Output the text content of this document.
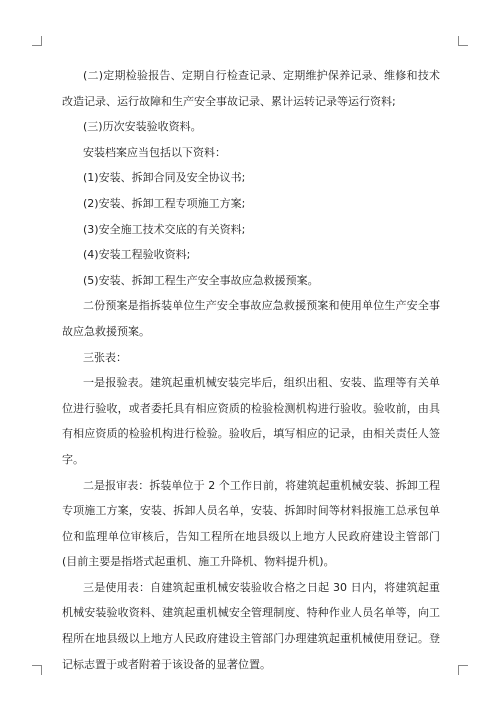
(二)定期检验报告、定期自行检查记录、定期维护保养记录、维修和技术改造记录、运行故障和生产安全事故记录、累计运转记录等运行资料;

(三)历次安装验收资料。

安装档案应当包括以下资料：

(1)安装、拆卸合同及安全协议书;

(2)安装、拆卸工程专项施工方案;

(3)安全施工技术交底的有关资料;

(4)安装工程验收资料;

(5)安装、拆卸工程生产安全事故应急救援预案。

二份预案是指拆装单位生产安全事故应急救援预案和使用单位生产安全事故应急救援预案。

三张表：

一是报验表。建筑起重机械安装完毕后，组织出租、安装、监理等有关单位进行验收，或者委托具有相应资质的检验检测机构进行验收。验收前，由具有相应资质的检验机构进行检验。验收后，填写相应的记录，由相关责任人签字。

二是报审表：拆装单位于 2 个工作日前，将建筑起重机械安装、拆卸工程专项施工方案，安装、拆卸人员名单，安装、拆卸时间等材料报施工总承包单位和监理单位审核后，告知工程所在地县级以上地方人民政府建设主管部门(目前主要是指塔式起重机、施工升降机、物料提升机)。

三是使用表：自建筑起重机械安装验收合格之日起 30 日内，将建筑起重机械安装验收资料、建筑起重机械安全管理制度、特种作业人员名单等，向工程所在地县级以上地方人民政府建设主管部门办理建筑起重机械使用登记。登记标志置于或者附着于该设备的显著位置。
